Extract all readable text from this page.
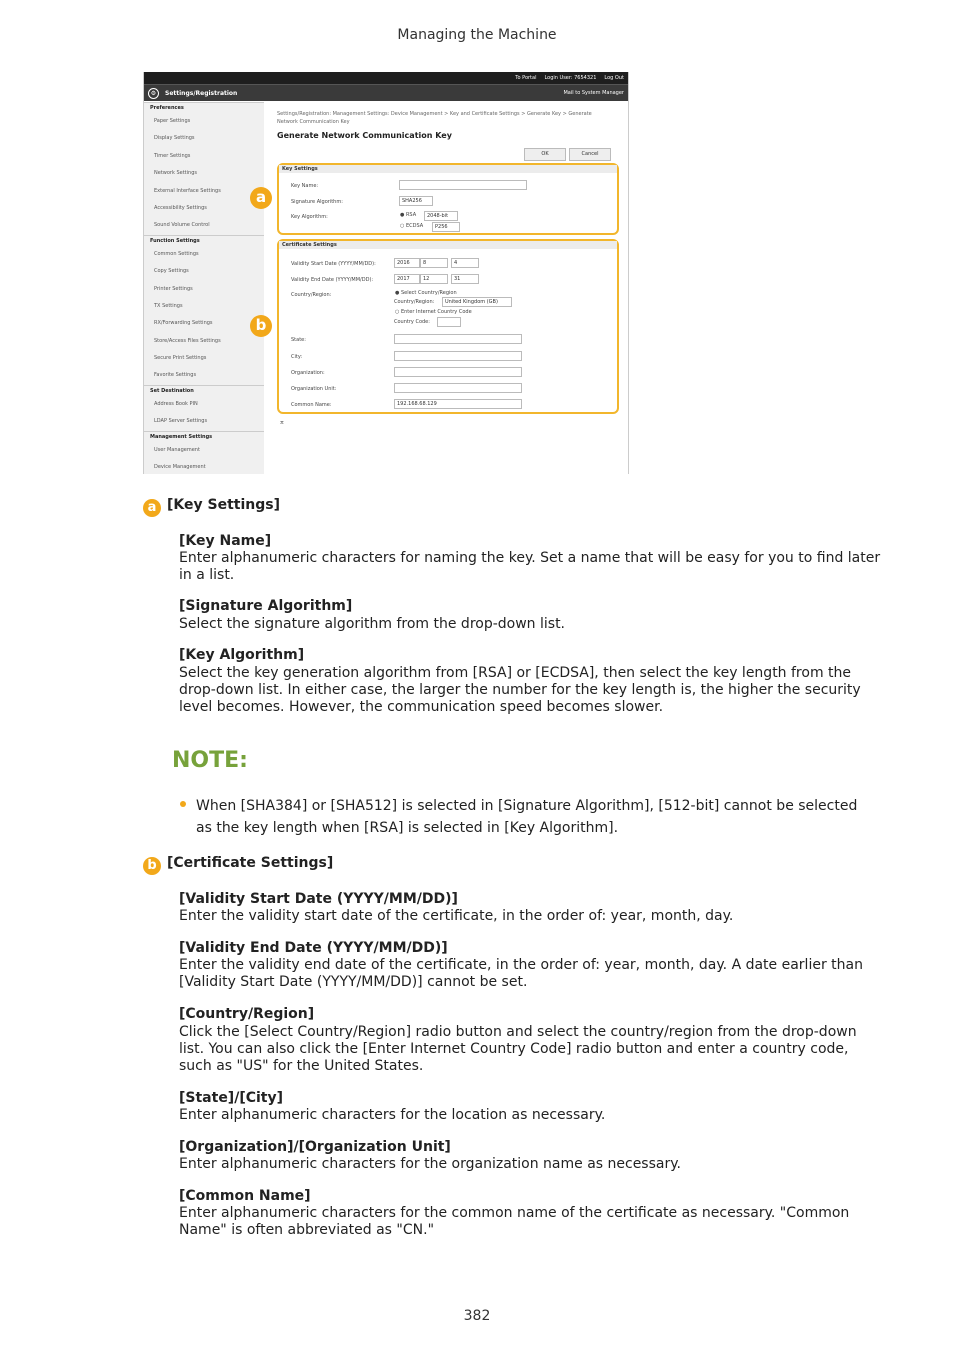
Managing the Machine
To Portal Login User: 7654321 Log Out
⚙	Settings/Registration	Mail to System Manager
Preferences
Paper Settings
Display Settings
Timer Settings
Network Settings
External Interface Settings
Accessibility Settings
Sound Volume Control
Function Settings
Common Settings
Copy Settings
Printer Settings
TX Settings
RX/Forwarding Settings
Store/Access Files Settings
Secure Print Settings
Favorite Settings
Set Destination
Address Book PIN
LDAP Server Settings
Management Settings
User Management
Device Management
Settings/Registration: Management Settings: Device Management > Key and Certificate Settings > Generate Key > Generate Network Communication Key
Generate Network Communication Key
OK	Cancel
Key Settings
Key Name:
Signature Algorithm:	SHA256
Key Algorithm:	● RSA	2048-bit
○ ECDSA	P256
Certificate Settings
Validity Start Date (YYYY/MM/DD):	2016	8	4
Validity End Date (YYYY/MM/DD):	2017	12	31
Country/Region:	● Select Country/Region
Country/Region:	United Kingdom (GB)
○ Enter Internet Country Code
Country Code:
State:
City:
Organization:
Organization Unit:
Common Name:	192.168.68.129
⌅
a
b
a [Key Settings]
[Key Name]
Enter alphanumeric characters for naming the key. Set a name that will be easy for you to find later in a list.
[Signature Algorithm]
Select the signature algorithm from the drop-down list.
[Key Algorithm]
Select the key generation algorithm from [RSA] or [ECDSA], then select the key length from the drop-down list. In either case, the larger the number for the key length is, the higher the security level becomes. However, the communication speed becomes slower.
NOTE:
When [SHA384] or [SHA512] is selected in [Signature Algorithm], [512-bit] cannot be selected as the key length when [RSA] is selected in [Key Algorithm].
b [Certificate Settings]
[Validity Start Date (YYYY/MM/DD)]
Enter the validity start date of the certificate, in the order of: year, month, day.
[Validity End Date (YYYY/MM/DD)]
Enter the validity end date of the certificate, in the order of: year, month, day. A date earlier than [Validity Start Date (YYYY/MM/DD)] cannot be set.
[Country/Region]
Click the [Select Country/Region] radio button and select the country/region from the drop-down list. You can also click the [Enter Internet Country Code] radio button and enter a country code, such as "US" for the United States.
[State]/[City]
Enter alphanumeric characters for the location as necessary.
[Organization]/[Organization Unit]
Enter alphanumeric characters for the organization name as necessary.
[Common Name]
Enter alphanumeric characters for the common name of the certificate as necessary. "Common Name" is often abbreviated as "CN."
382
